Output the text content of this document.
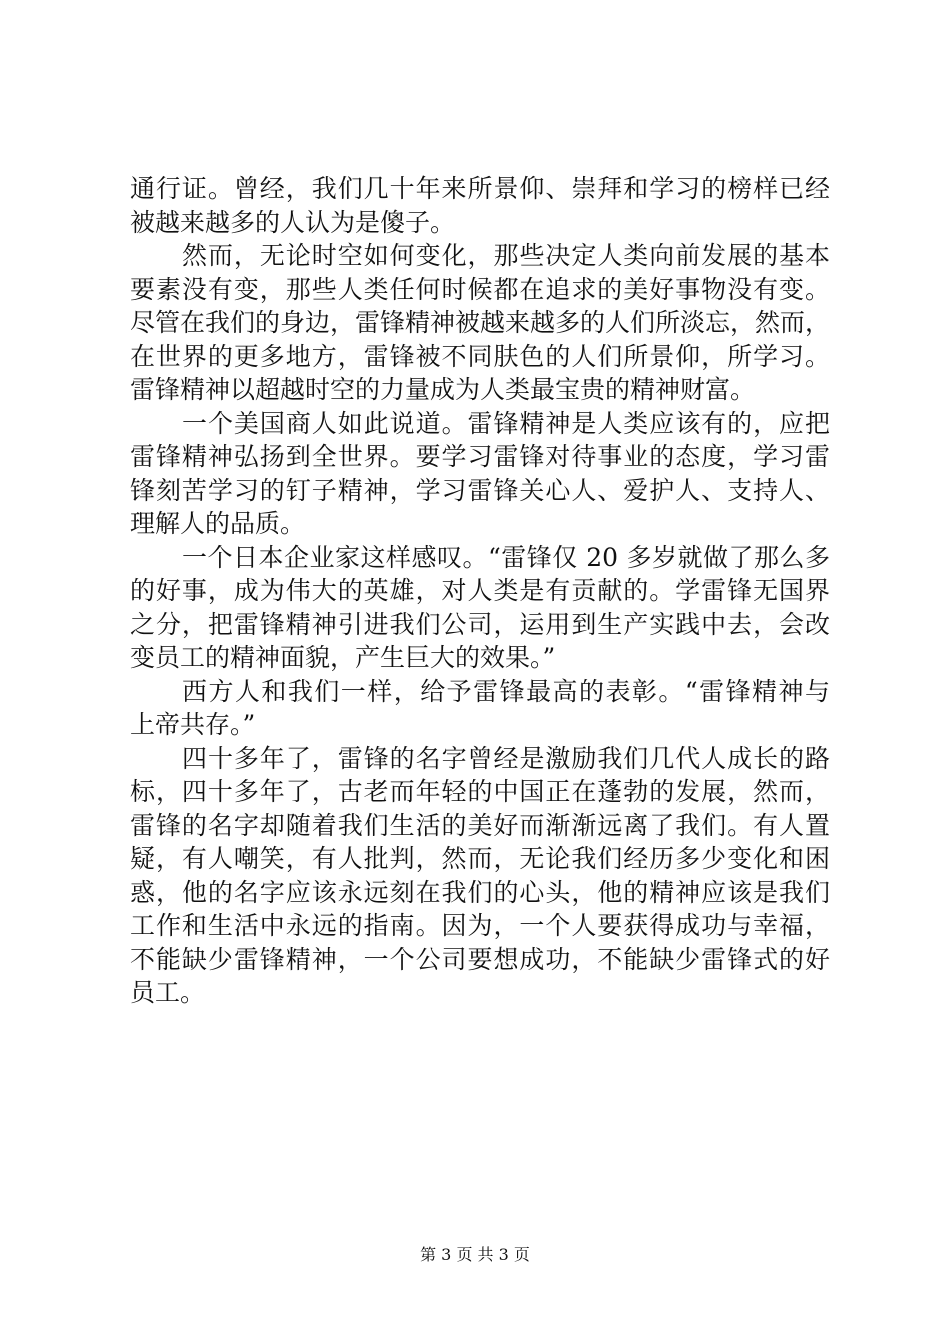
通行证。曾经，我们几十年来所景仰、崇拜和学习的榜样已经
被越来越多的人认为是傻子。
然而，无论时空如何变化，那些决定人类向前发展的基本
要素没有变，那些人类任何时候都在追求的美好事物没有变。
尽管在我们的身边，雷锋精神被越来越多的人们所淡忘，然而，
在世界的更多地方，雷锋被不同肤色的人们所景仰，所学习。
雷锋精神以超越时空的力量成为人类最宝贵的精神财富。
一个美国商人如此说道。雷锋精神是人类应该有的，应把
雷锋精神弘扬到全世界。要学习雷锋对待事业的态度，学习雷
锋刻苦学习的钉子精神，学习雷锋关心人、爱护人、支持人、
理解人的品质。
一个日本企业家这样感叹。“雷锋仅 20 多岁就做了那么多
的好事，成为伟大的英雄，对人类是有贡献的。学雷锋无国界
之分，把雷锋精神引进我们公司，运用到生产实践中去，会改
变员工的精神面貌，产生巨大的效果。”
西方人和我们一样，给予雷锋最高的表彰。“雷锋精神与
上帝共存。”
四十多年了，雷锋的名字曾经是激励我们几代人成长的路
标，四十多年了，古老而年轻的中国正在蓬勃的发展，然而，
雷锋的名字却随着我们生活的美好而渐渐远离了我们。有人置
疑，有人嘲笑，有人批判，然而，无论我们经历多少变化和困
惑，他的名字应该永远刻在我们的心头，他的精神应该是我们
工作和生活中永远的指南。因为，一个人要获得成功与幸福，
不能缺少雷锋精神，一个公司要想成功，不能缺少雷锋式的好
员工。
第 3 页 共 3 页
